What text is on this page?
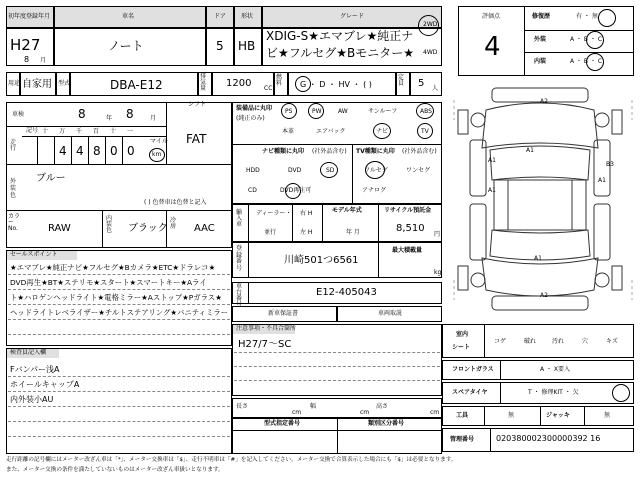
初年度登録年月
H27
8 月
車名
ノート
ドア
5
形状
HB
グレード
XDIG-S★エマブレ★純正ナ
ビ★フルセグ★Bモニター★
2WD
4WD
用途 自家用 型式	DBA-E12
排気量	1200 CC
燃料	G ・ D ・ HV ・ ( )
定員	5 人
車検	8	年 8	月
シフト
FAT
走行
記号 十 万 千 百 十 一
4 4 8 0 0
マイル
km
外装色
ブルー
( ) 色替車は色替と記入
カラーNo.	RAW
内装色 ブラック
冷房 AAC
装備品に丸印
(純正のみ)
PS	PW	AW	サンルーフ	ABS
本革	エアバック	ナビ	TV
ナビ種類に丸印 (社外品含む)
HDD	DVD	SD
CD	DVD再生可
TV種類に丸印 (社外品含む)
フルセグ	ワンセグ
アナログ
輸入車
ディーラー・
並行
右 H
左 H
モデル年式
年 月
リサイクル預託金
8,510
円
登録番号
川崎501つ6561
最大積載量
kg
車台番号
E12-405043
セールスポイント
★エマブレ★純正ナビ★フルセグ★Bカメラ★ETC★ドラレコ★
DVD再生★BT★ステリモ★スタート★スマートキー★Aライ
ト★ハロゲンヘッドライト★電格ミラー★Aストップ★Pガラス★
ヘッドライトレベライザー★チルトステアリング★バニティミラー	新車保証書	車両取説
注意事項・不具合箇所
H27/7～SC
検査員記入欄
Fバンパー浅A
ホイールキャップA
内外装小AU
長さ
cm
幅
cm
高さ
cm
型式指定番号	類別区分番号
評価点
4
修復歴	有 ・ 無
外装	A ・ B ・ C
内装	A ・ B ・ C
A2
A1
A1
A1
B3
A1
A1
A2
室内
シート
コゲ	破れ	汚れ	穴	キズ
フロントガラス	A ・ X要入
スペアタイヤ	T ・ 修理KIT ・ 欠
工具	無	ジャッキ	無
管理番号	020380002300000392 16
走行距離の記号欄にはメーター改ざん車は「*」、メーター交換車は「$」、走行不明車は「#」を記入してください。メーター交換で合算表示した場合にも「$」は必要となります。
また、メーター交換の条件を満たしていないものはメーター改ざん車扱いとなります。
